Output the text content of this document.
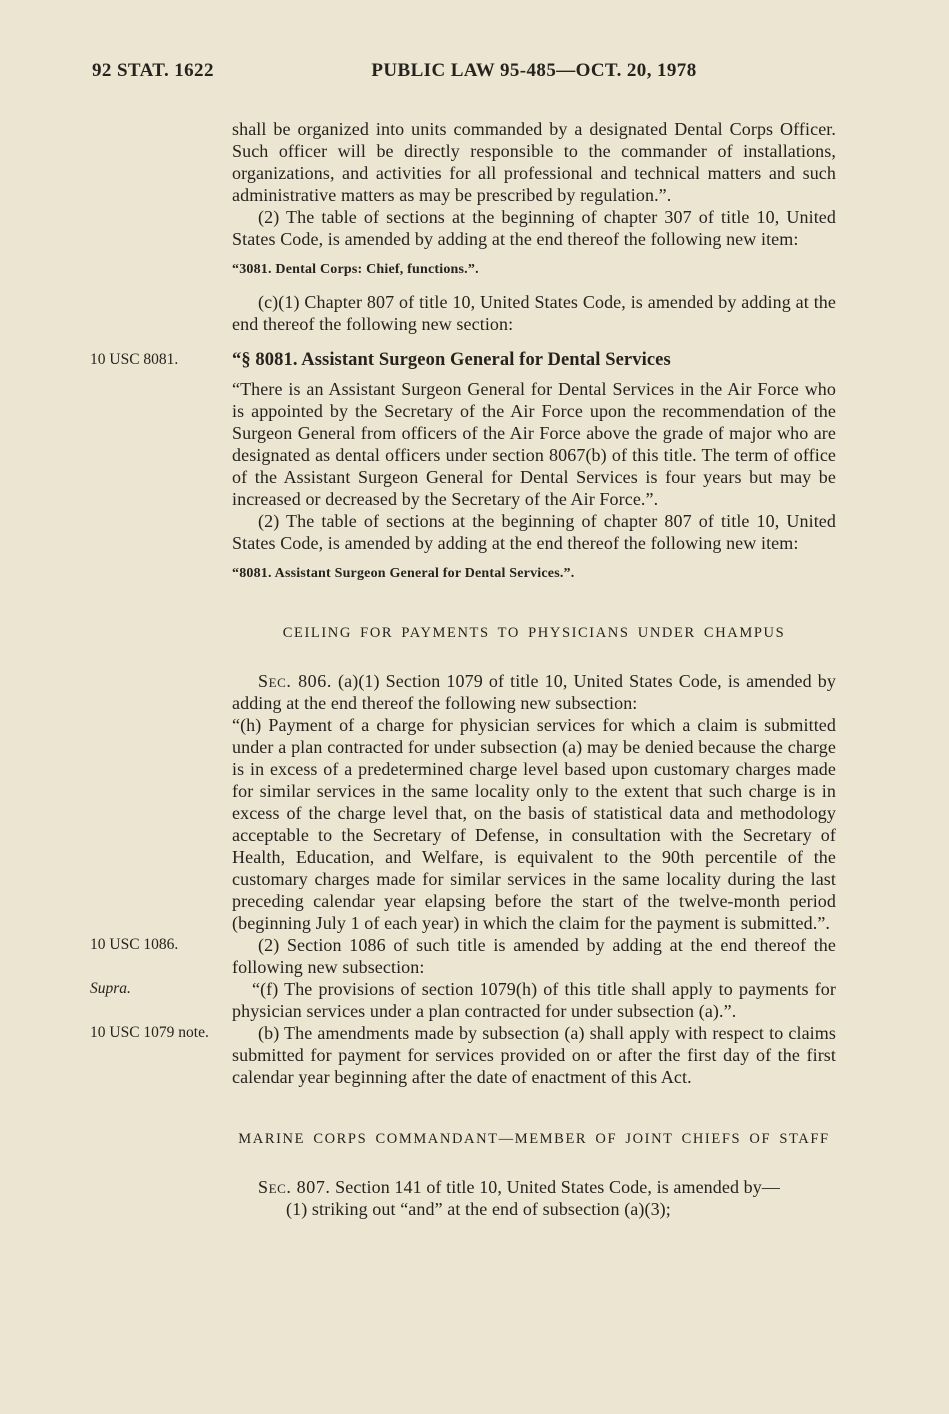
92 STAT. 1622	PUBLIC LAW 95-485—OCT. 20, 1978

shall be organized into units commanded by a designated Dental Corps Officer. Such officer will be directly responsible to the commander of installations, organizations, and activities for all professional and technical matters and such administrative matters as may be prescribed by regulation.”.

(2) The table of sections at the beginning of chapter 307 of title 10, United States Code, is amended by adding at the end thereof the following new item:

“3081. Dental Corps: Chief, functions.”.

(c)(1) Chapter 807 of title 10, United States Code, is amended by adding at the end thereof the following new section:

10 USC 8081.	“§ 8081. Assistant Surgeon General for Dental Services

“There is an Assistant Surgeon General for Dental Services in the Air Force who is appointed by the Secretary of the Air Force upon the recommendation of the Surgeon General from officers of the Air Force above the grade of major who are designated as dental officers under section 8067(b) of this title. The term of office of the Assistant Surgeon General for Dental Services is four years but may be increased or decreased by the Secretary of the Air Force.”.

(2) The table of sections at the beginning of chapter 807 of title 10, United States Code, is amended by adding at the end thereof the following new item:

“8081. Assistant Surgeon General for Dental Services.”.

CEILING FOR PAYMENTS TO PHYSICIANS UNDER CHAMPUS

Sec. 806. (a)(1) Section 1079 of title 10, United States Code, is amended by adding at the end thereof the following new subsection:

“(h) Payment of a charge for physician services for which a claim is submitted under a plan contracted for under subsection (a) may be denied because the charge is in excess of a predetermined charge level based upon customary charges made for similar services in the same locality only to the extent that such charge is in excess of the charge level that, on the basis of statistical data and methodology acceptable to the Secretary of Defense, in consultation with the Secretary of Health, Education, and Welfare, is equivalent to the 90th percentile of the customary charges made for similar services in the same locality during the last preceding calendar year elapsing before the start of the twelve-month period (beginning July 1 of each year) in which the claim for the payment is submitted.”.

10 USC 1086.	(2) Section 1086 of such title is amended by adding at the end thereof the following new subsection:

Supra.	“(f) The provisions of section 1079(h) of this title shall apply to payments for physician services under a plan contracted for under subsection (a).”.

10 USC 1079 note.	(b) The amendments made by subsection (a) shall apply with respect to claims submitted for payment for services provided on or after the first day of the first calendar year beginning after the date of enactment of this Act.

MARINE CORPS COMMANDANT—MEMBER OF JOINT CHIEFS OF STAFF

Sec. 807. Section 141 of title 10, United States Code, is amended by—

(1) striking out “and” at the end of subsection (a)(3);
